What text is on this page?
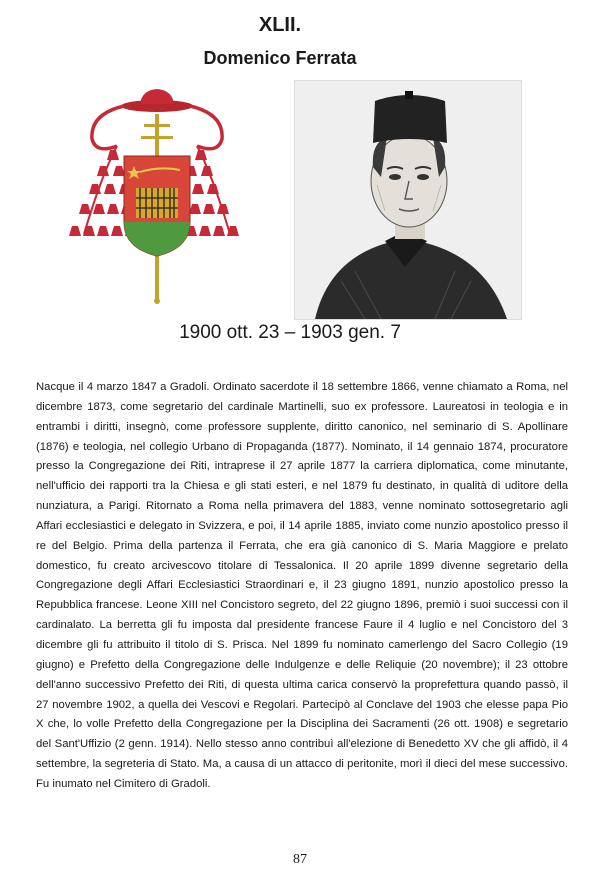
XLII.
Domenico Ferrata
1900 ott. 23 – 1903 gen. 7
Nacque il 4 marzo 1847 a Gradoli. Ordinato sacerdote il 18 settembre 1866, venne chiamato a Roma, nel dicembre 1873, come segretario del cardinale Martinelli, suo ex professore. Laureatosi in teologia e in entrambi i diritti, insegnò, come professore supplente, diritto canonico, nel seminario di S. Apollinare (1876) e teologia, nel collegio Urbano di Propaganda (1877). Nominato, il 14 gennaio 1874, procuratore presso la Congregazione dei Riti, intraprese il 27 aprile 1877 la carriera diplomatica, come minutante, nell'ufficio dei rapporti tra la Chiesa e gli stati esteri, e nel 1879 fu destinato, in qualità di uditore della nunziatura, a Parigi. Ritornato a Roma nella primavera del 1883, venne nominato sottosegretario agli Affari ecclesiastici e delegato in Svizzera, e poi, il 14 aprile 1885, inviato come nunzio apostolico presso il re del Belgio. Prima della partenza il Ferrata, che era già canonico di S. Maria Maggiore e prelato domestico, fu creato arcivescovo titolare di Tessalonica. Il 20 aprile 1899 divenne segretario della Congregazione degli Affari Ecclesiastici Straordinari e, il 23 giugno 1891, nunzio apostolico presso la Repubblica francese. Leone XIII nel Concistoro segreto, del 22 giugno 1896, premiò i suoi successi con il cardinalato. La berretta gli fu imposta dal presidente francese Faure il 4 luglio e nel Concistoro del 3 dicembre gli fu attribuito il titolo di S. Prisca. Nel 1899 fu nominato camerlengo del Sacro Collegio (19 giugno) e Prefetto della Congregazione delle Indulgenze e delle Reliquie (20 novembre); il 23 ottobre dell'anno successivo Prefetto dei Riti, di questa ultima carica conservò la proprefettura quando passò, il 27 novembre 1902, a quella dei Vescovi e Regolari. Partecipò al Conclave del 1903 che elesse papa Pio X che, lo volle Prefetto della Congregazione per la Disciplina dei Sacramenti (26 ott. 1908) e segretario del Sant'Uffizio (2 genn. 1914). Nello stesso anno contribuì all'elezione di Benedetto XV che gli affidò, il 4 settembre, la segreteria di Stato. Ma, a causa di un attacco di peritonite, morì il dieci del mese successivo. Fu inumato nel Cimitero di Gradoli.
87
